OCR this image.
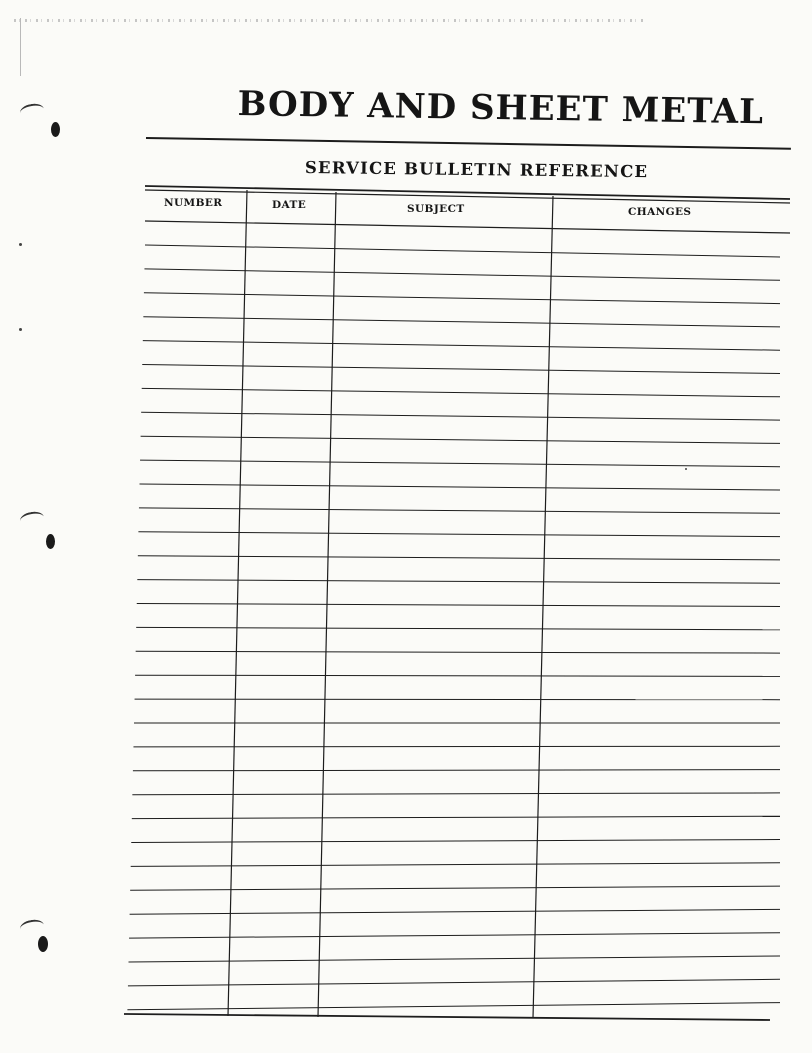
BODY AND SHEET METAL
SERVICE BULLETIN REFERENCE
NUMBER	DATE	SUBJECT	CHANGES
